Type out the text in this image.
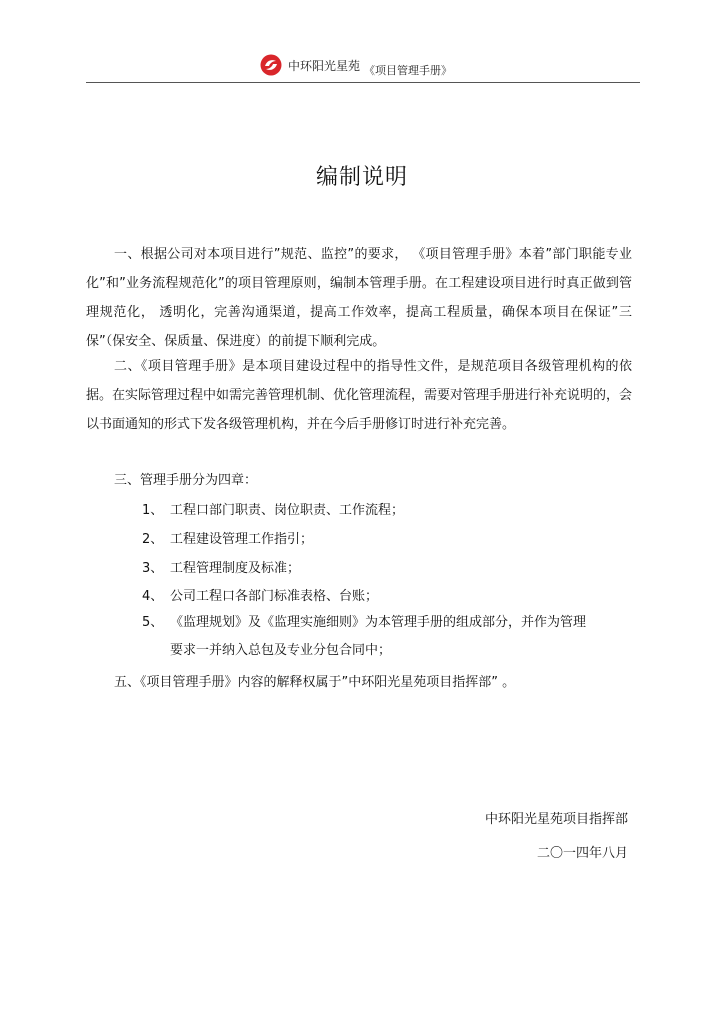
中环阳光星苑 《项目管理手册》
编制说明

一、根据公司对本项目进行”规范、监控”的要求， 《项目管理手册》本着”部门职能专业化”和”业务流程规范化”的项目管理原则，编制本管理手册。在工程建设项目进行时真正做到管理规范化， 透明化，完善沟通渠道，提高工作效率，提高工程质量，确保本项目在保证”三保”（保安全、保质量、保进度）的前提下顺利完成。

二、《项目管理手册》是本项目建设过程中的指导性文件，是规范项目各级管理机构的依据。在实际管理过程中如需完善管理机制、优化管理流程，需要对管理手册进行补充说明的，会以书面通知的形式下发各级管理机构，并在今后手册修订时进行补充完善。

三、管理手册分为四章：

1、 工程口部门职责、岗位职责、工作流程；
2、 工程建设管理工作指引；
3、 工程管理制度及标准；
4、 公司工程口各部门标准表格、台账；
5、 《监理规划》及《监理实施细则》为本管理手册的组成部分，并作为管理
要求一并纳入总包及专业分包合同中；
五、《项目管理手册》内容的解释权属于”中环阳光星苑项目指挥部” 。
中环阳光星苑项目指挥部
二〇一四年八月
